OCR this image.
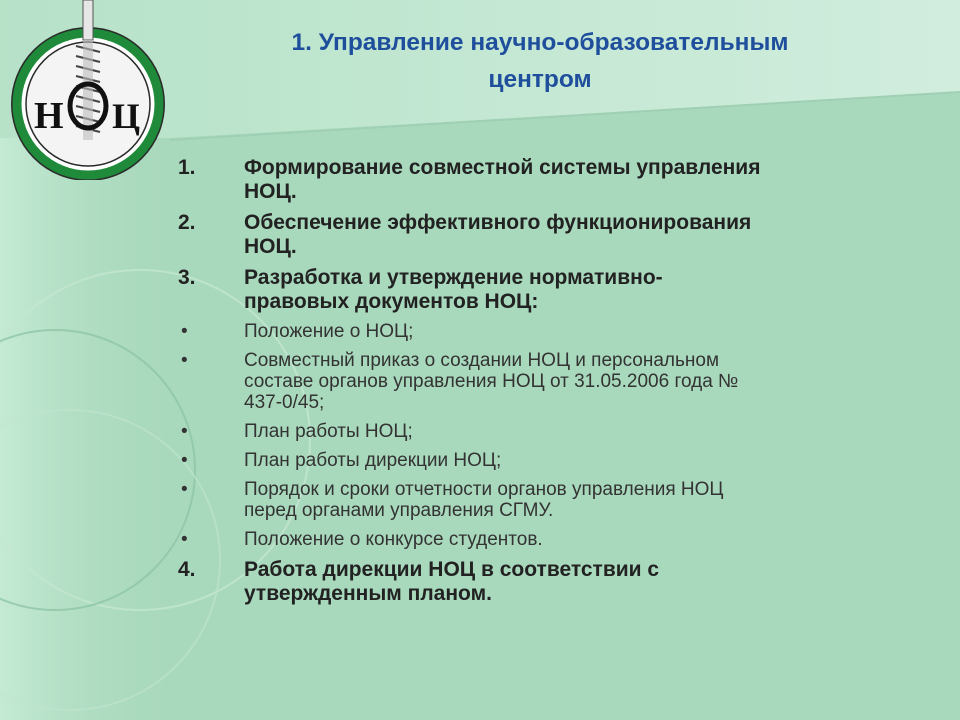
Н Ц
1. Управление научно-образовательным
центром
1.	Формирование совместной системы управления
НОЦ.
2.	Обеспечение эффективного функционирования
НОЦ.
3.	Разработка и утверждение нормативно-
правовых документов НОЦ:
•	Положение о НОЦ;
•	Совместный приказ о создании НОЦ и персональном
составе органов управления НОЦ от 31.05.2006 года №
437-0/45;
•	План работы НОЦ;
•	План работы дирекции НОЦ;
•	Порядок и сроки отчетности органов управления НОЦ
перед органами управления СГМУ.
•	Положение о конкурсе студентов.
4.	Работа дирекции НОЦ в соответствии с
утвержденным планом.
